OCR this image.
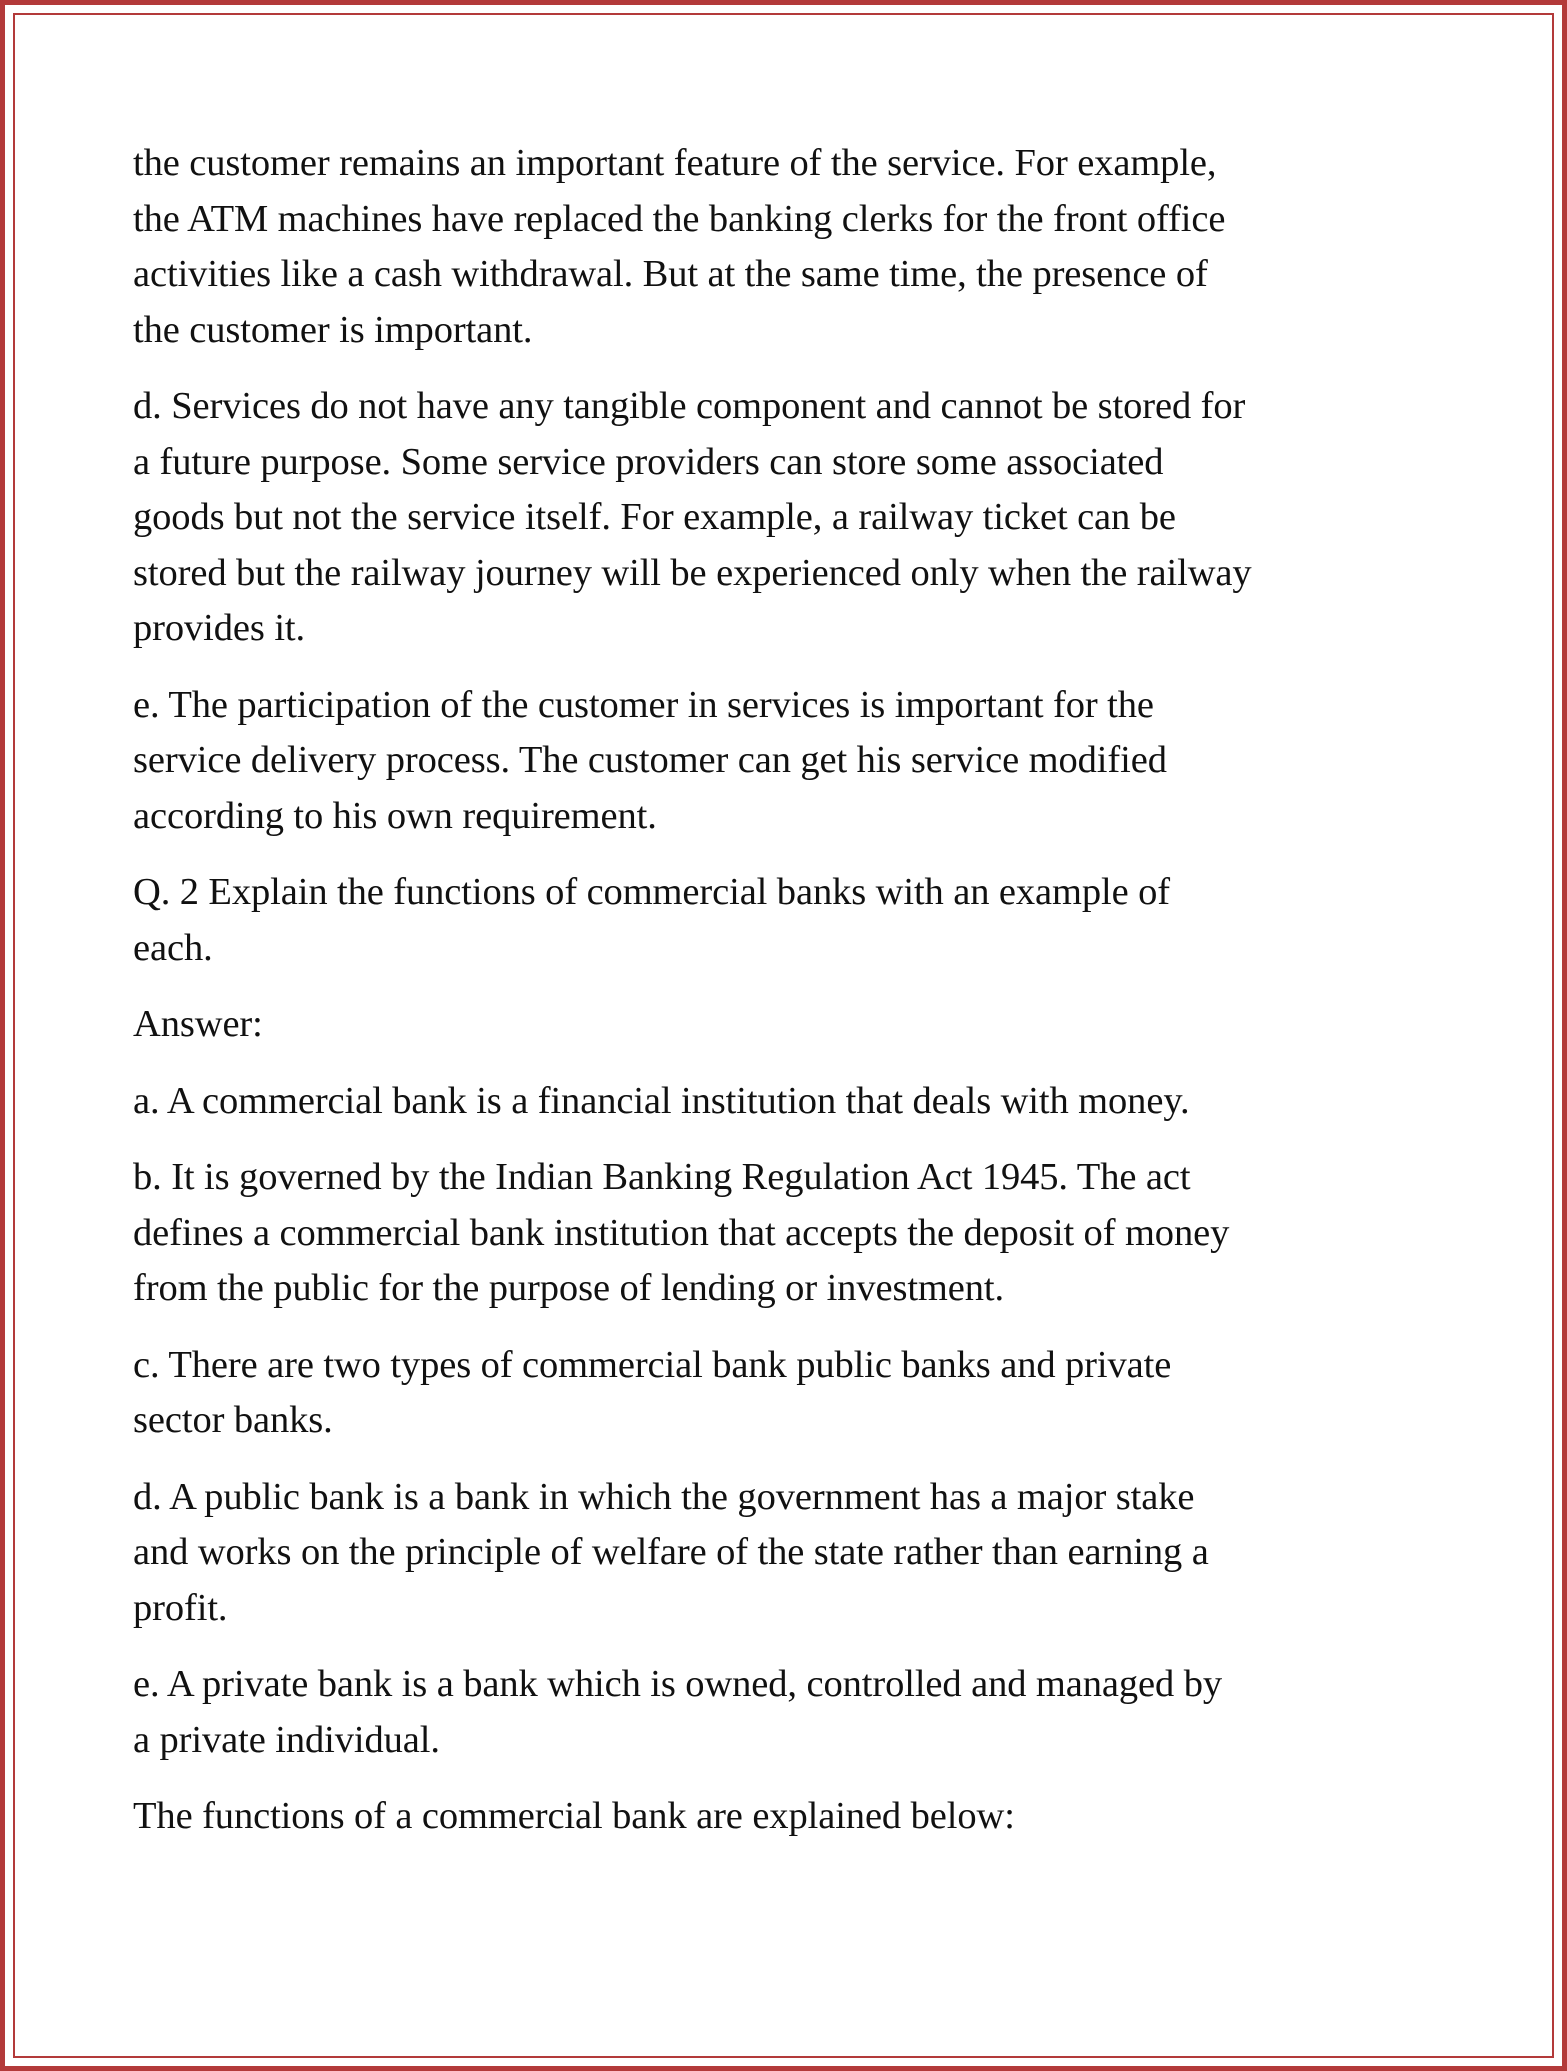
the customer remains an important feature of the service. For example,
the ATM machines have replaced the banking clerks for the front office
activities like a cash withdrawal. But at the same time, the presence of
the customer is important.

d. Services do not have any tangible component and cannot be stored for
a future purpose. Some service providers can store some associated
goods but not the service itself. For example, a railway ticket can be
stored but the railway journey will be experienced only when the railway
provides it.

e. The participation of the customer in services is important for the
service delivery process. The customer can get his service modified
according to his own requirement.

Q. 2 Explain the functions of commercial banks with an example of
each.

Answer:

a. A commercial bank is a financial institution that deals with money.

b. It is governed by the Indian Banking Regulation Act 1945. The act
defines a commercial bank institution that accepts the deposit of money
from the public for the purpose of lending or investment.

c. There are two types of commercial bank public banks and private
sector banks.

d. A public bank is a bank in which the government has a major stake
and works on the principle of welfare of the state rather than earning a
profit.

e. A private bank is a bank which is owned, controlled and managed by
a private individual.

The functions of a commercial bank are explained below:
